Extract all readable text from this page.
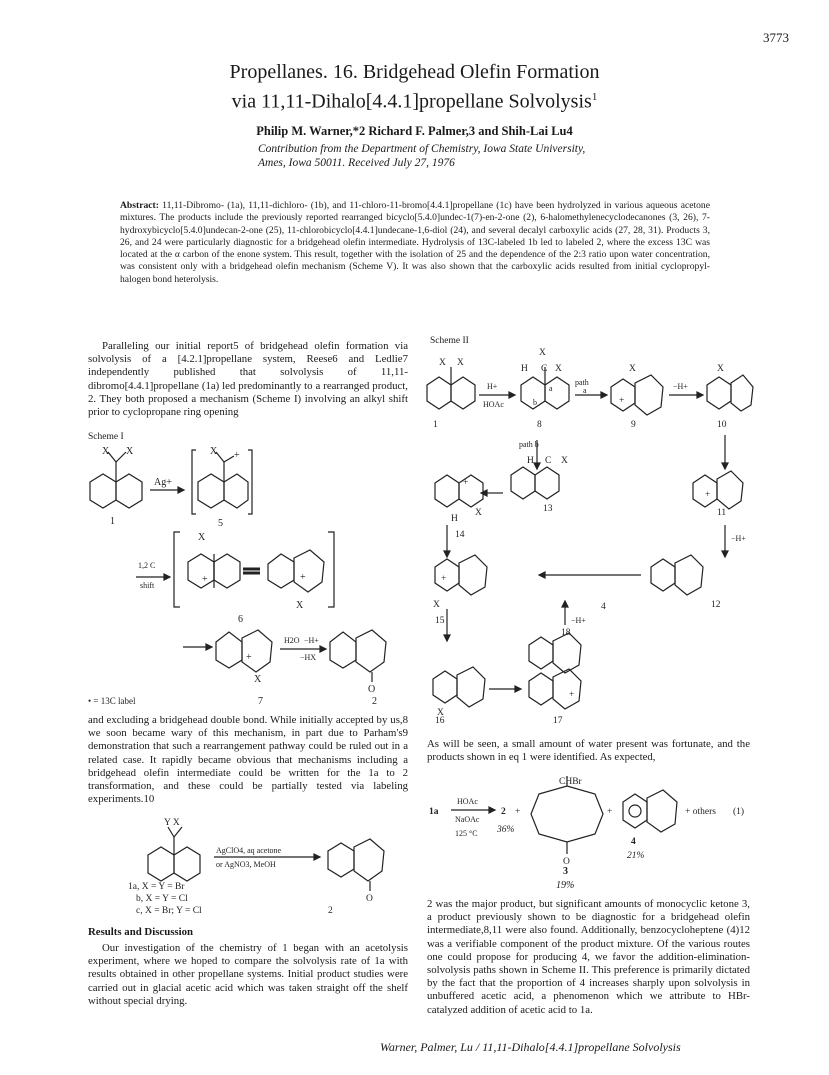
3773
Propellanes. 16. Bridgehead Olefin Formation
via 11,11-Dihalo[4.4.1]propellane Solvolysis$^1$
Philip M. Warner,*2 Richard F. Palmer,3 and Shih-Lai Lu4
Contribution from the Department of Chemistry, Iowa State University,
Ames, Iowa 50011. Received July 27, 1976
Abstract: 11,11-Dibromo- (1a), 11,11-dichloro- (1b), and 11-chloro-11-bromo[4.4.1]propellane (1c) have been hydrolyzed in various aqueous acetone mixtures. The products include the previously reported rearranged bicyclo[5.4.0]undec-1(7)-en-2-one (2), 6-halomethylenecyclodecanones (3, 26), 7-hydroxybicyclo[5.4.0]undecan-2-one (25), 11-chlorobicyclo[4.4.1]undecane-1,6-diol (24), and several decalyl carboxylic acids (27, 28, 31). Products 3, 26, and 24 were particularly diagnostic for a bridgehead olefin intermediate. Hydrolysis of 13C-labeled 1b led to labeled 2, where the excess 13C was located at the α carbon of the enone system. This result, together with the isolation of 25 and the dependence of the 2:3 ratio upon water concentration, was consistent only with a bridgehead olefin mechanism (Scheme V). It was also shown that the carboxylic acids resulted from initial cyclopropyl-halogen bond heterolysis.
Paralleling our initial report5 of bridgehead olefin formation via solvolysis of a [4.2.1]propellane system, Reese6 and Ledlie7 independently published that solvolysis of 11,11-dibromo[4.4.1]propellane (1a) led predominantly to a rearranged product, 2. They both proposed a mechanism (Scheme I) involving an alkyl shift prior to cyclopropane ring opening
Scheme I
X X
Ag+
1
X +
5
X
+	+
X
1,2 C
shift
6
+
X
H2O −H+
−HX
O
7	2
• = 13C label
and excluding a bridgehead double bond. While initially accepted by us,8 we soon became wary of this mechanism, in part due to Parham's9 demonstration that such a rearrangement pathway could be ruled out in a related case. It rapidly became obvious that mechanisms including a bridgehead olefin intermediate could be written for the 1a to 2 transformation, and these could be partially tested via labeling experiments.10
Y X
AgClO4, aq acetone
or AgNO3, MeOH
O
1a, X = Y = Br
b, X = Y = Cl
c, X = Br; Y = Cl	2
Results and Discussion
Our investigation of the chemistry of 1 began with an acetolysis experiment, where we hoped to compare the solvolysis rate of 1a with results obtained in other propellane systems. Initial product studies were carried out in glacial acetic acid which was taken straight off the shelf without special drying.
Scheme II
X X
1
H+
HOAc
X
H C X
b
a
8
path
a
+
9
X
−H+
X
10
path b
H C X
13
+
X
H
14
+
11
−H+
+
X
15
4	12
18
−H+
X
16
+
17
As will be seen, a small amount of water present was fortunate, and the products shown in eq 1 were identified. As expected,
CHBr
1a
HOAc
NaOAc
125 °C
2 +
36%
+	+ others (1)
O
4
21%
3
19%
2 was the major product, but significant amounts of monocyclic ketone 3, a product previously shown to be diagnostic for a bridgehead olefin intermediate,8,11 were also found. Additionally, benzocycloheptene (4)12 was a verifiable component of the product mixture. Of the various routes one could propose for producing 4, we favor the addition-elimination-solvolysis paths shown in Scheme II. This preference is primarily dictated by the fact that the proportion of 4 increases sharply upon solvolysis in unbuffered acetic acid, a phenomenon which we attribute to HBr-catalyzed addition of acetic acid to 1a.
Warner, Palmer, Lu / 11,11-Dihalo[4.4.1]propellane Solvolysis
